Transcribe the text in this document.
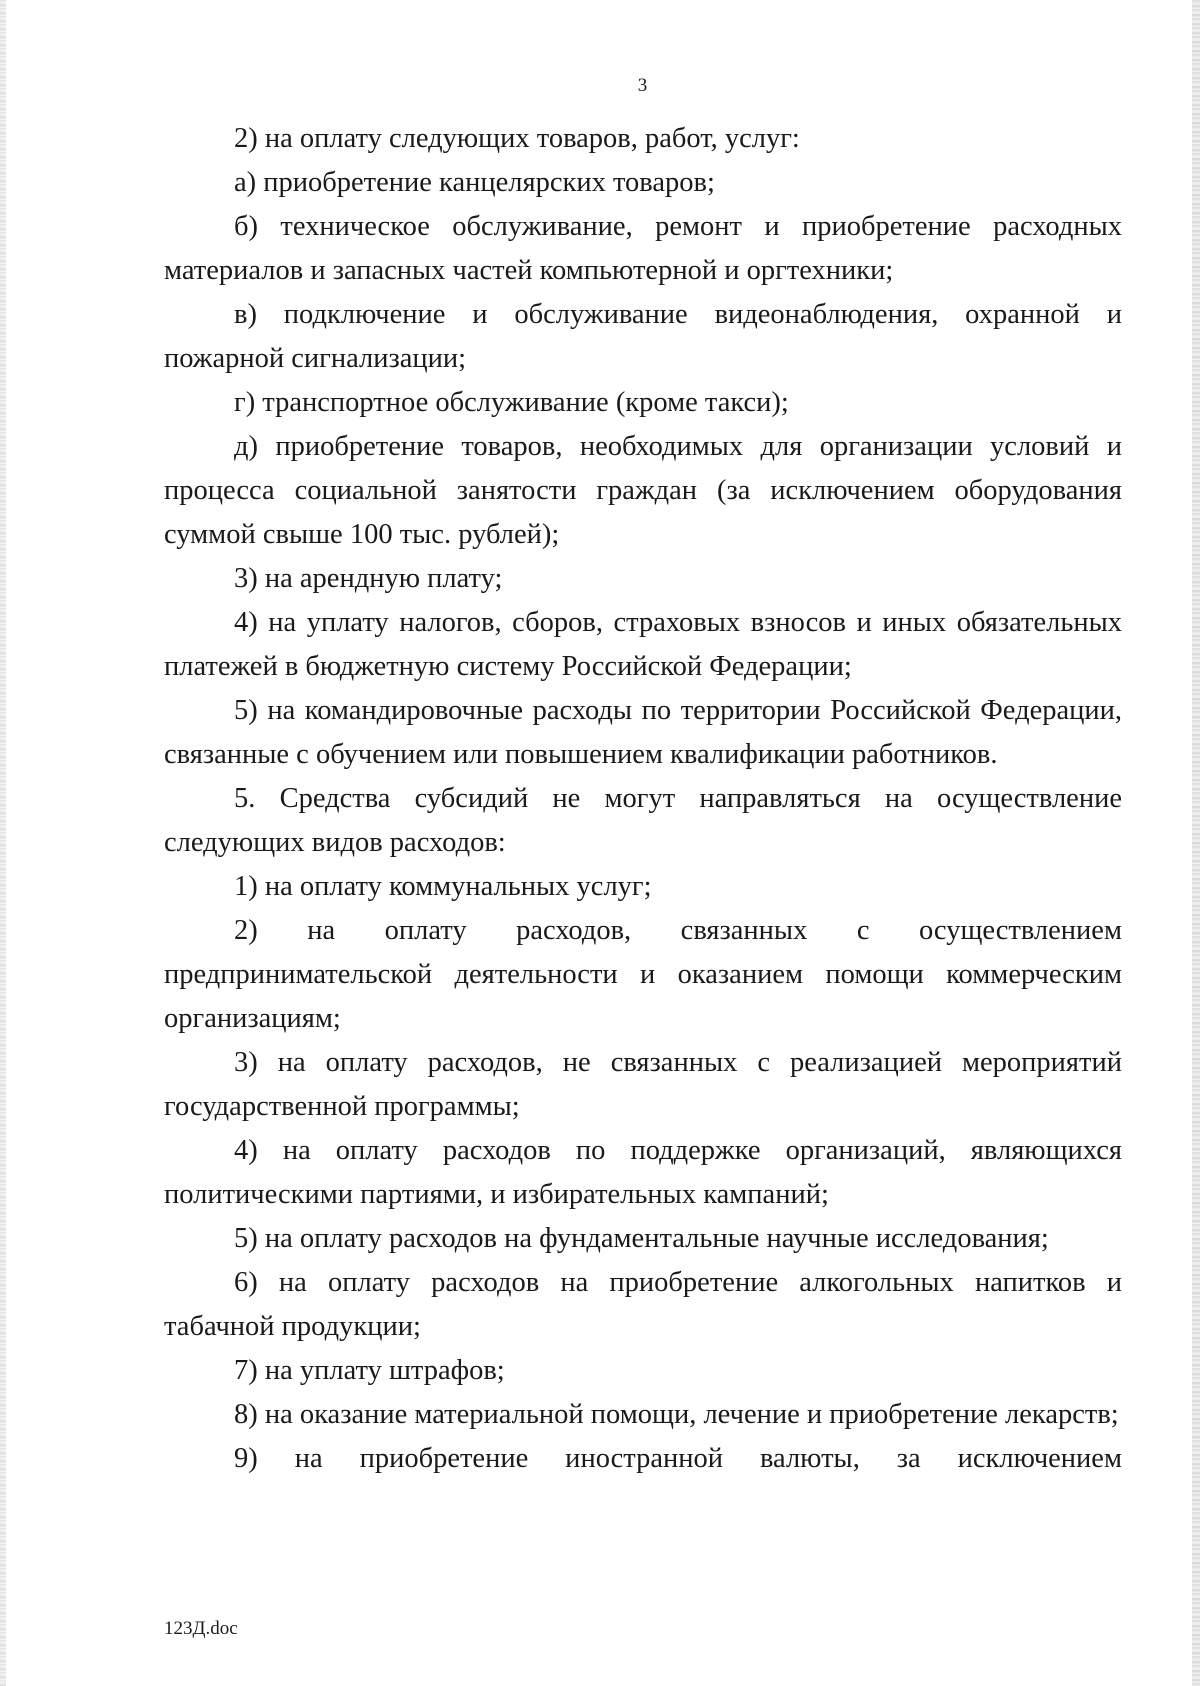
3

2) на оплату следующих товаров, работ, услуг:

а) приобретение канцелярских товаров;

б) техническое обслуживание, ремонт и приобретение расходных материалов и запасных частей компьютерной и оргтехники;

в) подключение и обслуживание видеонаблюдения, охранной и пожарной сигнализации;

г) транспортное обслуживание (кроме такси);

д) приобретение товаров, необходимых для организации условий и процесса социальной занятости граждан (за исключением оборудования суммой свыше 100 тыс. рублей);

3) на арендную плату;

4) на уплату налогов, сборов, страховых взносов и иных обязательных платежей в бюджетную систему Российской Федерации;

5) на командировочные расходы по территории Российской Федерации, связанные с обучением или повышением квалификации работников.

5. Средства субсидий не могут направляться на осуществление следующих видов расходов:

1) на оплату коммунальных услуг;

2) на оплату расходов, связанных с осуществлением предпринимательской деятельности и оказанием помощи коммерческим организациям;

3) на оплату расходов, не связанных с реализацией мероприятий государственной программы;

4) на оплату расходов по поддержке организаций, являющихся политическими партиями, и избирательных кампаний;

5) на оплату расходов на фундаментальные научные исследования;

6) на оплату расходов на приобретение алкогольных напитков и табачной продукции;

7) на уплату штрафов;

8) на оказание материальной помощи, лечение и приобретение лекарств;

9) на приобретение иностранной валюты, за исключением

123Д.doc
